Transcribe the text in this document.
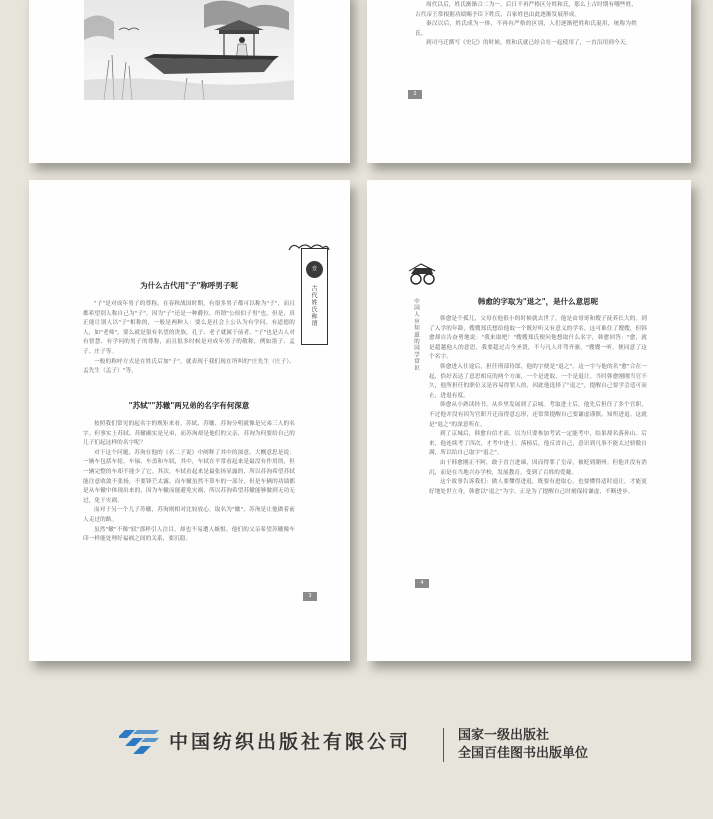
周代以后，姓氏渐渐合二为一，后日不再严格区分姓和氏，那么上古时期有哪些姓，古代帝王常根据功绩赐予臣下姓氏，百家姓也由此逐渐发展形成。

秦汉以后，姓氏成为一体，不再有严格的区别，人们逐渐把姓和氏混用，统称为姓氏。

到司马迁撰写《史记》的时候，姓和氏就已经合在一起使用了，一直沿用到今天。

2
壹
古代姓氏称谓

为什么古代用"子"称呼男子呢

"子"是对成年男子的尊称。在春秋战国时期，有很多男子都可以称为"子"，而且都希望别人称自己为"子"，因为"子"还是一种爵位，所谓"公侯伯子男"也。但是，真正能让别人以"子"相称的，一般是两种人：要么是社会上公认为有学问、有道德的人，如"老师"，要么就是很有名望的贵族。孔子、老子就属于前者。"子"也是古人对有智慧、有学问的男子的尊称，而且很多时候是对成年男子的敬称，例如墨子、孟子、庄子等。

一般的称呼方式是在姓氏后加"子"，就表现于我们现在所叫的"庄先生（庄子）、孟先生（孟子）"等。

"苏轼""苏辙"两兄弟的名字有何深意

按照我们常见的起名字的规矩来看，苏轼、苏辙、苏洵分明就像是兄弟三人的名字。但事实上苏轼、苏辙确实是兄弟，而苏洵却是他们的父亲，苏洵为何要给自己的儿子们起这样的名字呢？

对于这个问题，苏洵在他的《名二子说》中阐释了其中的深意。大概意思是说：一辆车包括车轮、车辐、车盖和车轼，其中，车轼在平常看起来是最没有作用的，但一辆完整的车却不能少了它。其次，车轼看起来是最张扬显露的，所以苏洵希望苏轼能注意收敛不张扬，不要锋芒太露。而车辙虽然不算车的一部分，但是车辆的功绩都是从车辙中体现出来的，因为车辙而能避免灾祸，所以苏洵希望苏辙能够做到无功无过，免于灾祸。

而对于另一个儿子苏辙，苏洵则相对比较放心，取名为"辙"，苏洵是让他做着前人走过的路。

虽然"辙"不像"轼"那样引人注目，却也不易遭人嫉恨。他们的父亲希望苏辙像车印一样能处理好福祸之间的关系，要沉稳。

3
中国人应知道的国学常识	韩愈的字取为"退之"，是什么意思呢

韩愈是个孤儿，父母在他很小的时候就去世了，他是由哥哥和嫂子抚养长大的。到了入学的年龄，嫂嫂郑氏想给他取一个既好听又有意义的学名，这可难住了嫂嫂，但韩愈却自告奋勇地说："我来取吧！"嫂嫂郑氏便问他想取什么名字，韩愈回答："愈，就是超越他人的意思，我要超过古今圣贤，不与凡人并驾齐驱。"嫂嫂一听，便同意了这个名字。

韩愈进入仕途后，担任刑部侍郎，他的字便是"退之"。这一字与他的名"愈"合在一起，恰好表达了意思相反的两个方面，一个是进取，一个是退让。当时韩愈刚刚当官不久，他所担任的职位又是容易得罪人的，因此他选择了"退之"，提醒自己要学会适可而止，进退有度。

韩愈从小熟读经书，从乡里发展到了京城。考取进士后，他先后担任了多个官职，不过他并没有因为官职升迁而得意忘形，还常常提醒自己要谦虚谨慎，知所进退。这就是"退之"的深意所在。

到了京城后，韩愈自信才高，以为只要参加考试一定能考中，结果却名落孙山。后来，他连续考了四次，才考中进士。落榜后，他反省自己，意识到凡事不能太过骄傲自满，所以给自己取字"退之"。

由于韩愈刚正不阿，敢于直言进谏，因而得罪了皇帝，被贬到潮州。但他并没有消沉，而是在当地兴办学校，发展教育，受到了百姓的爱戴。

这个故事告诉我们：做人要懂得进退，既要有进取心，也要懂得适时退让，才能更好地处世立身。韩愈以"退之"为字，正是为了提醒自己时刻保持谦虚，不断进步。

4
中国纺织出版社有限公司	国家一级出版社
全国百佳图书出版单位
